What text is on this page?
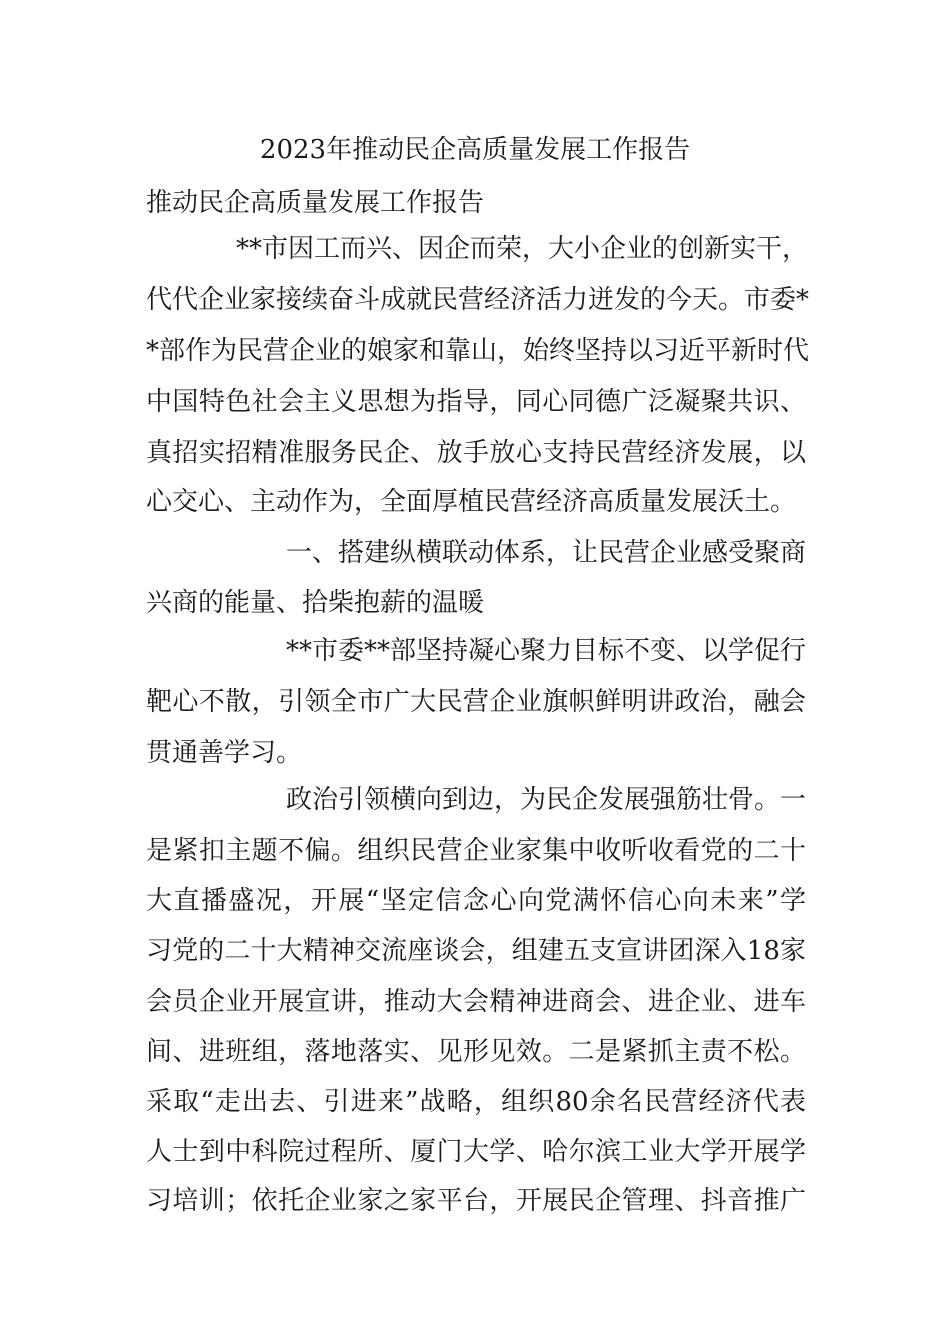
2023年推动民企高质量发展工作报告
推动民企高质量发展工作报告
**市因工而兴、因企而荣，大小企业的创新实干，
代代企业家接续奋斗成就民营经济活力迸发的今天。市委*
*部作为民营企业的娘家和靠山，始终坚持以习近平新时代
中国特色社会主义思想为指导，同心同德广泛凝聚共识、
真招实招精准服务民企、放手放心支持民营经济发展，以
心交心、主动作为，全面厚植民营经济高质量发展沃土。
一、搭建纵横联动体系，让民营企业感受聚商
兴商的能量、拾柴抱薪的温暖
**市委**部坚持凝心聚力目标不变、以学促行
靶心不散，引领全市广大民营企业旗帜鲜明讲政治，融会
贯通善学习。
政治引领横向到边，为民企发展强筋壮骨。一
是紧扣主题不偏。组织民营企业家集中收听收看党的二十
大直播盛况，开展“坚定信念心向党满怀信心向未来”学
习党的二十大精神交流座谈会，组建五支宣讲团深入18家
会员企业开展宣讲，推动大会精神进商会、进企业、进车
间、进班组，落地落实、见形见效。二是紧抓主责不松。
采取“走出去、引进来”战略，组织80余名民营经济代表
人士到中科院过程所、厦门大学、哈尔滨工业大学开展学
习培训；依托企业家之家平台，开展民企管理、抖音推广
